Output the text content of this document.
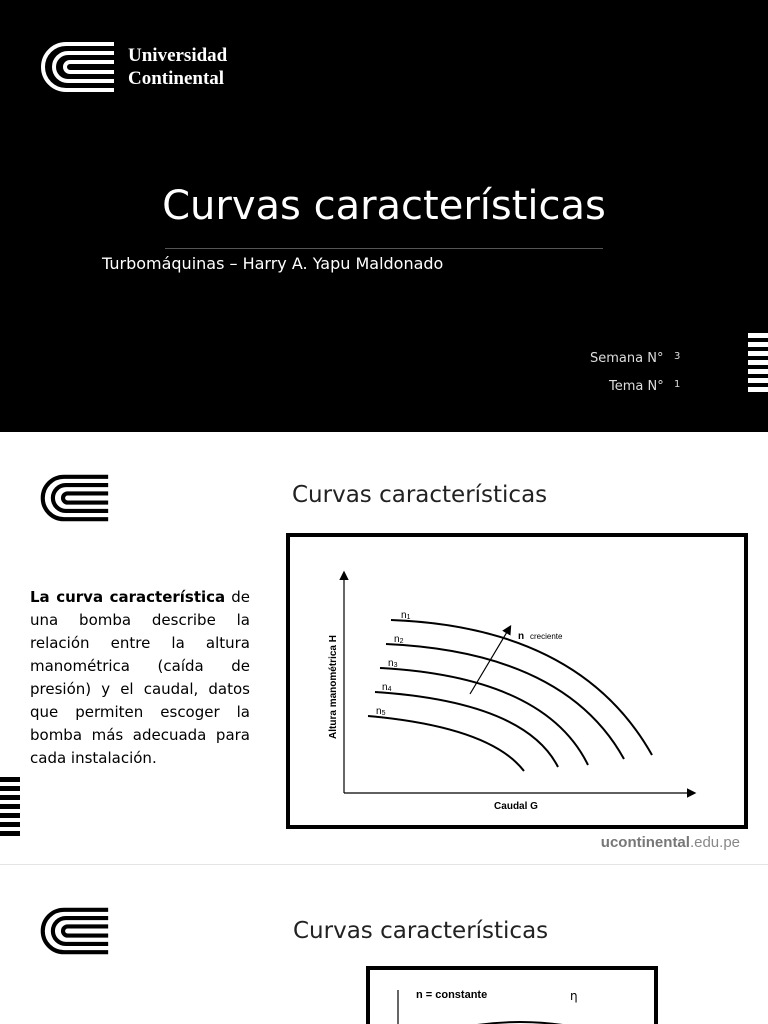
Universidad
Continental
Curvas características
Turbomáquinas – Harry A. Yapu Maldonado
Semana N° 3
Tema N° 1
Curvas características
La curva característica de una bomba describe la relación entre la altura manométrica (caída de presión) y el caudal, datos que permiten escoger la bomba más adecuada para cada instalación.
Altura manométrica H
Caudal G
n1
n2
n3
n4
n5
n creciente
ucontinental.edu.pe
Curvas características
n = constante	η
